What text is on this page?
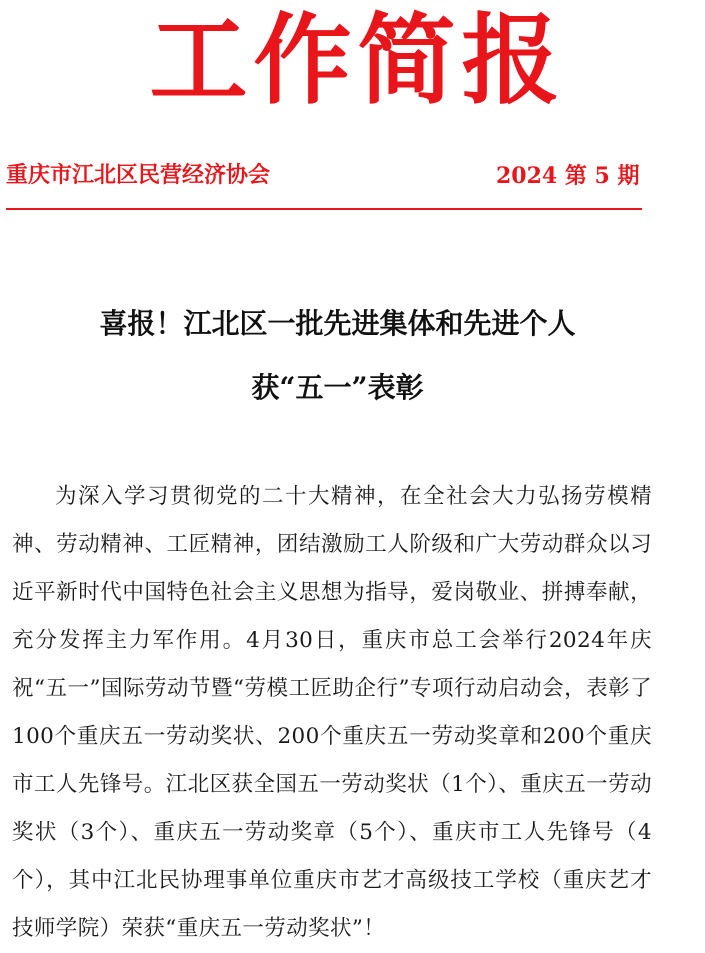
工作简报
重庆市江北区民营经济协会	2024 第 5 期
喜报！江北区一批先进集体和先进个人
获“五一”表彰

为深入学习贯彻党的二十大精神，在全社会大力弘扬劳模精神、劳动精神、工匠精神，团结激励工人阶级和广大劳动群众以习近平新时代中国特色社会主义思想为指导，爱岗敬业、拼搏奉献，充分发挥主力军作用。4月30日，重庆市总工会举行2024年庆祝“五一”国际劳动节暨“劳模工匠助企行”专项行动启动会，表彰了100个重庆五一劳动奖状、200个重庆五一劳动奖章和200个重庆市工人先锋号。江北区获全国五一劳动奖状（1个）、重庆五一劳动奖状（3个）、重庆五一劳动奖章（5个）、重庆市工人先锋号（4个），其中江北民协理事单位重庆市艺才高级技工学校（重庆艺才技师学院）荣获“重庆五一劳动奖状”！
